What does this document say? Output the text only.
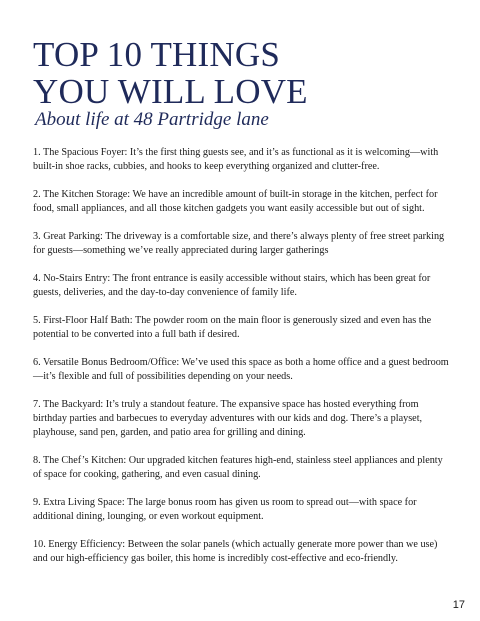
TOP 10 THINGS
YOU WILL LOVE
About life at 48 Partridge lane
1. The Spacious Foyer: It’s the first thing guests see, and it’s as functional as it is welcoming—with built-in shoe racks, cubbies, and hooks to keep everything organized and clutter-free.
2. The Kitchen Storage: We have an incredible amount of built-in storage in the kitchen, perfect for food, small appliances, and all those kitchen gadgets you want easily accessible but out of sight.
3. Great Parking: The driveway is a comfortable size, and there’s always plenty of free street parking for guests—something we’ve really appreciated during larger gatherings
4. No-Stairs Entry: The front entrance is easily accessible without stairs, which has been great for guests, deliveries, and the day-to-day convenience of family life.
5. First-Floor Half Bath: The powder room on the main floor is generously sized and even has the potential to be converted into a full bath if desired.
6. Versatile Bonus Bedroom/Office: We’ve used this space as both a home office and a guest bedroom—it’s flexible and full of possibilities depending on your needs.
7. The Backyard: It’s truly a standout feature. The expansive space has hosted everything from birthday parties and barbecues to everyday adventures with our kids and dog. There’s a playset, playhouse, sand pen, garden, and patio area for grilling and dining.
8. The Chef’s Kitchen: Our upgraded kitchen features high-end, stainless steel appliances and plenty of space for cooking, gathering, and even casual dining.
9. Extra Living Space: The large bonus room has given us room to spread out—with space for additional dining, lounging, or even workout equipment.
10. Energy Efficiency: Between the solar panels (which actually generate more power than we use) and our high-efficiency gas boiler, this home is incredibly cost-effective and eco-friendly.
17
